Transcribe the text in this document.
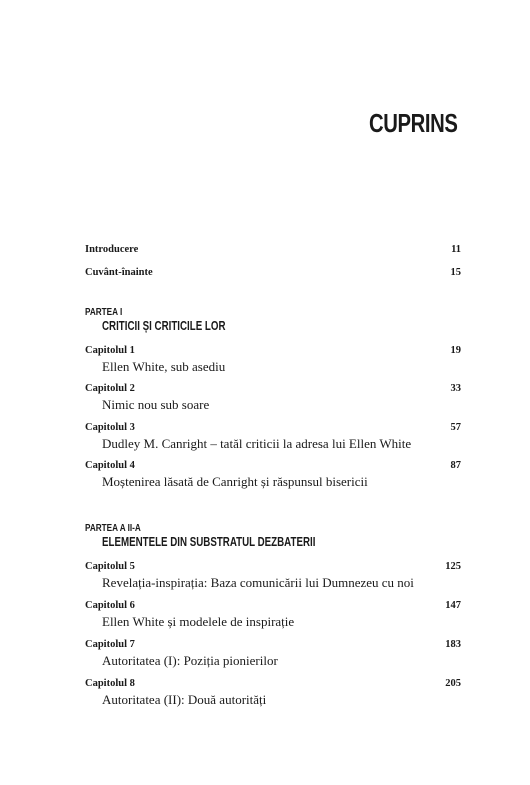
CUPRINS
Introducere	11
Cuvânt-înainte	15
PARTEA I
CRITICII ȘI CRITICILE LOR
Capitolul 1	19
Ellen White, sub asediu
Capitolul 2	33
Nimic nou sub soare
Capitolul 3	57
Dudley M. Canright – tatăl criticii la adresa lui Ellen White
Capitolul 4	87
Moștenirea lăsată de Canright și răspunsul bisericii
PARTEA A II-A
ELEMENTELE DIN SUBSTRATUL DEZBATERII
Capitolul 5	125
Revelația-inspirația: Baza comunicării lui Dumnezeu cu noi
Capitolul 6	147
Ellen White și modelele de inspirație
Capitolul 7	183
Autoritatea (I): Poziția pionierilor
Capitolul 8	205
Autoritatea (II): Două autorități
